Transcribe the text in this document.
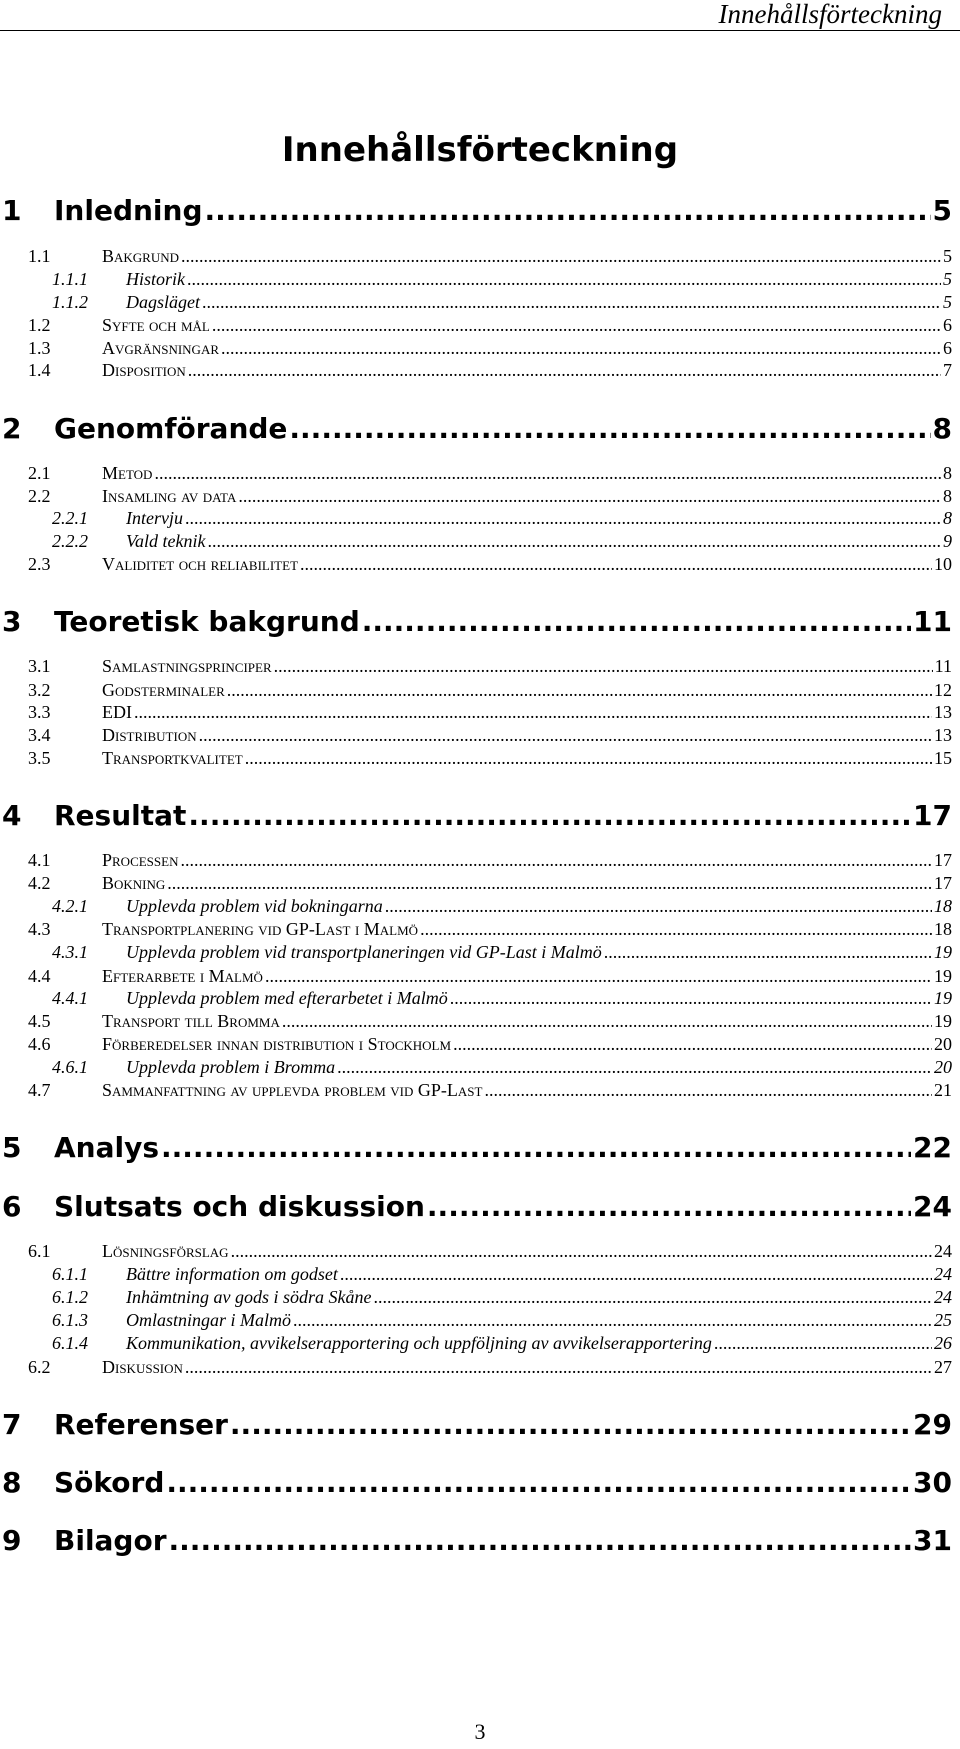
Innehållsförteckning
Innehållsförteckning
1	Inledning .....	5
1.1	Bakgrund .....	5
1.1.1	Historik .....	5
1.1.2	Dagsläget .....	5
1.2	Syfte och mål .....	6
1.3	Avgränsningar .....	6
1.4	Disposition .....	7
2	Genomförande .....	8
2.1	Metod .....	8
2.2	Insamling av data .....	8
2.2.1	Intervju .....	8
2.2.2	Vald teknik .....	9
2.3	Validitet och reliabilitet .....	10
3	Teoretisk bakgrund .....	11
3.1	Samlastningsprinciper .....	11
3.2	Godsterminaler .....	12
3.3	EDI .....	13
3.4	Distribution .....	13
3.5	Transportkvalitet .....	15
4	Resultat .....	17
4.1	Processen .....	17
4.2	Bokning .....	17
4.2.1	Upplevda problem vid bokningarna .....	18
4.3	Transportplanering vid GP-Last i Malmö .....	18
4.3.1	Upplevda problem vid transportplaneringen vid GP-Last i Malmö .....	19
4.4	Efterarbete i Malmö .....	19
4.4.1	Upplevda problem med efterarbetet i Malmö .....	19
4.5	Transport till Bromma .....	19
4.6	Förberedelser innan distribution i Stockholm .....	20
4.6.1	Upplevda problem i Bromma .....	20
4.7	Sammanfattning av upplevda problem vid GP-Last .....	21
5	Analys .....	22
6	Slutsats och diskussion .....	24
6.1	Lösningsförslag .....	24
6.1.1	Bättre information om godset .....	24
6.1.2	Inhämtning av gods i södra Skåne .....	24
6.1.3	Omlastningar i Malmö .....	25
6.1.4	Kommunikation, avvikelserapportering och uppföljning av avvikelserapportering .....	26
6.2	Diskussion .....	27
7	Referenser .....	29
8	Sökord .....	30
9	Bilagor .....	31
3
